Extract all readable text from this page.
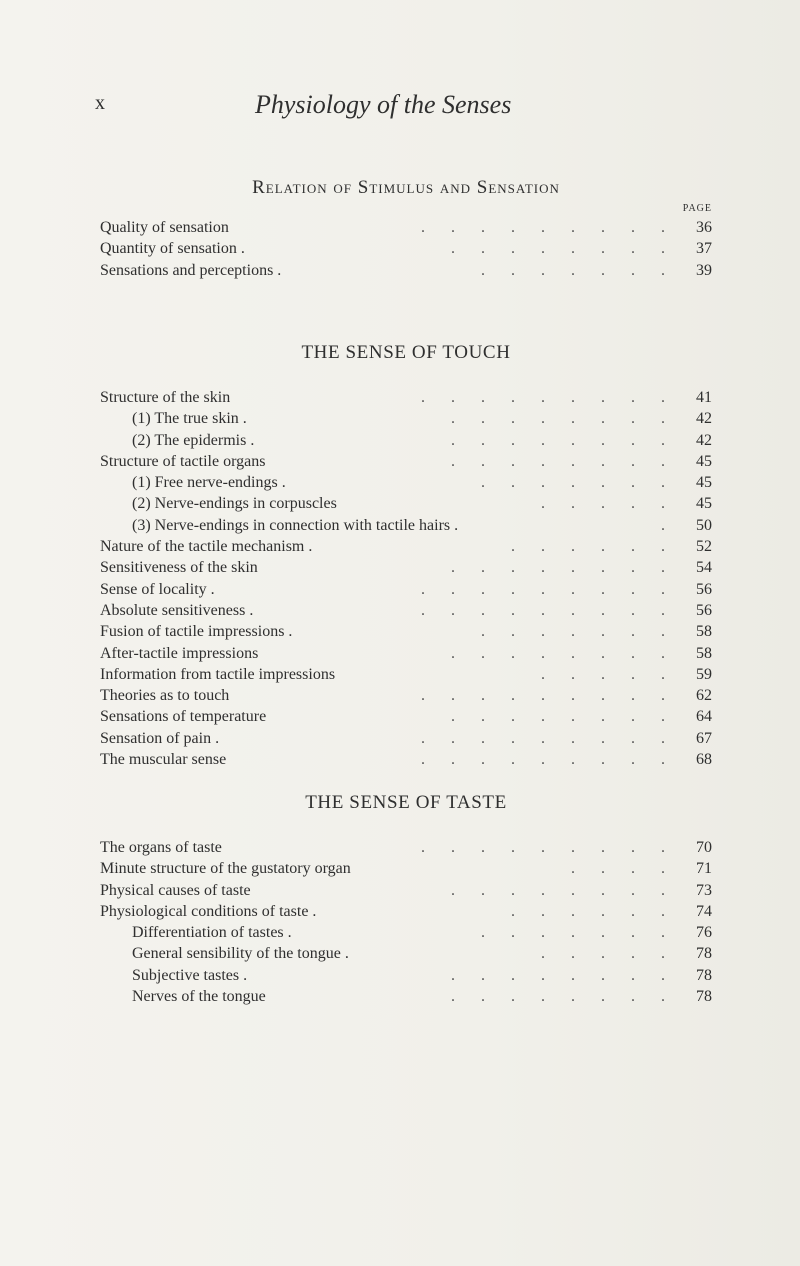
x	Physiology of the Senses
Relation of Stimulus and Sensation
PAGE
Quality of sensation	. . . . . . . . .	36
Quantity of sensation .	. . . . . . . .	37
Sensations and perceptions .	. . . . . . .	39
THE SENSE OF TOUCH
Structure of the skin	. . . . . . . . .	41
(1) The true skin .	. . . . . . . .	42
(2) The epidermis .	. . . . . . . .	42
Structure of tactile organs	. . . . . . . .	45
(1) Free nerve-endings .	. . . . . . .	45
(2) Nerve-endings in corpuscles	. . . . .	45
(3) Nerve-endings in connection with tactile hairs .	.	50
Nature of the tactile mechanism .	. . . . . .	52
Sensitiveness of the skin	. . . . . . . .	54
Sense of locality .	. . . . . . . . .	56
Absolute sensitiveness .	. . . . . . . . .	56
Fusion of tactile impressions .	. . . . . . .	58
After-tactile impressions	. . . . . . . .	58
Information from tactile impressions	. . . . .	59
Theories as to touch	. . . . . . . . .	62
Sensations of temperature	. . . . . . . .	64
Sensation of pain .	. . . . . . . . .	67
The muscular sense	. . . . . . . . .	68
THE SENSE OF TASTE
The organs of taste	. . . . . . . . .	70
Minute structure of the gustatory organ	. . . .	71
Physical causes of taste	. . . . . . . .	73
Physiological conditions of taste .	. . . . . .	74
Differentiation of tastes .	. . . . . . .	76
General sensibility of the tongue .	. . . . .	78
Subjective tastes .	. . . . . . . .	78
Nerves of the tongue	. . . . . . . .	78
